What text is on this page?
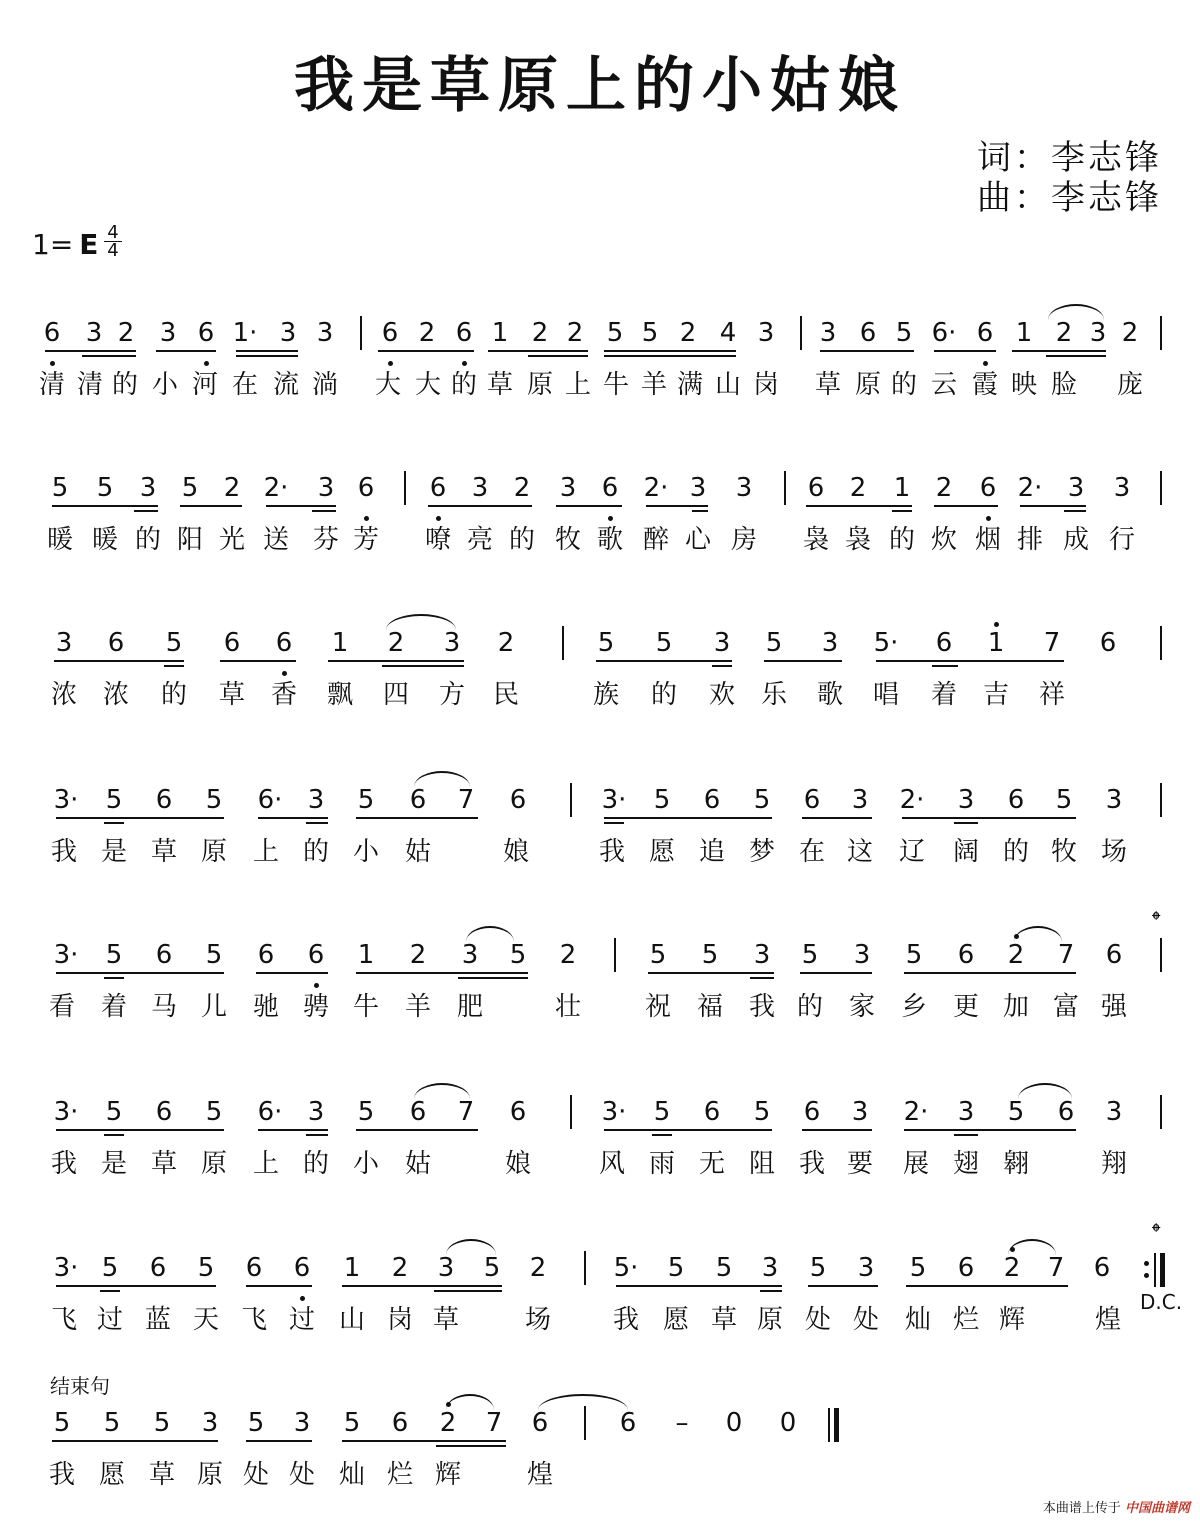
我是草原上的小姑娘
词：李志锋
曲：李志锋
1= E $\frac{4}{4}$
6 3 2 3 6 1· 3 3 6 2 6 1 2 2 5 5 2 4 3 3 6 5 6· 6 1 2 3 2
清 清 的 小 河 在 流 淌 大 大 的 草 原 上 牛 羊 满 山 岗 草 原 的 云 霞 映 脸 庞
5 5 3 5 2 2· 3 6 6 3 2 3 6 2· 3 3 6 2 1 2 6 2· 3 3
暖 暖 的 阳 光 送 芬 芳 嘹 亮 的 牧 歌 醉 心 房 袅 袅 的 炊 烟 排 成 行
3 6 5 6 6 1 2 3 2	5 5 3 5 3 5· 6 1 7 6
浓 浓 的 草 香 飘 四 方 民	族 的 欢 乐 歌 唱 着 吉 祥
3· 5 6 5 6· 3 5 6 7 6	3· 5 6 5 6 3 2· 3 6 5 3
我 是 草 原 上 的 小 姑	娘	我 愿 追 梦 在 这 辽 阔 的 牧 场
3· 5 6 5 6 6 1 2 3 5 2	5 5 3 5 3 5 6 2 7 6
看 着 马 儿 驰 骋 牛 羊 肥	壮 祝 福 我 的 家 乡 更 加 富 强
3· 5 6 5 6· 3 5 6 7 6	3· 5 6 5 6 3 2· 3 5 6 3
我 是 草 原 上 的 小 姑	娘	风 雨 无 阻 我 要 展 翅 翱	翔
3· 5 6 5 6 6 1 2 3 5 2	5· 5 5 3 5 3 5 6 2 7 6
飞 过 蓝 天 飞 过 山 岗 草	场 我 愿 草 原 处 处 灿 烂 辉	煌
5 5 5 3 5 3 5 6 2 7 6	6	–	0 0
我 愿 草 原 处 处 灿 烂 辉	煌
𝄌
𝄌
D.C.
结束句
本曲谱上传于 中国曲谱网
